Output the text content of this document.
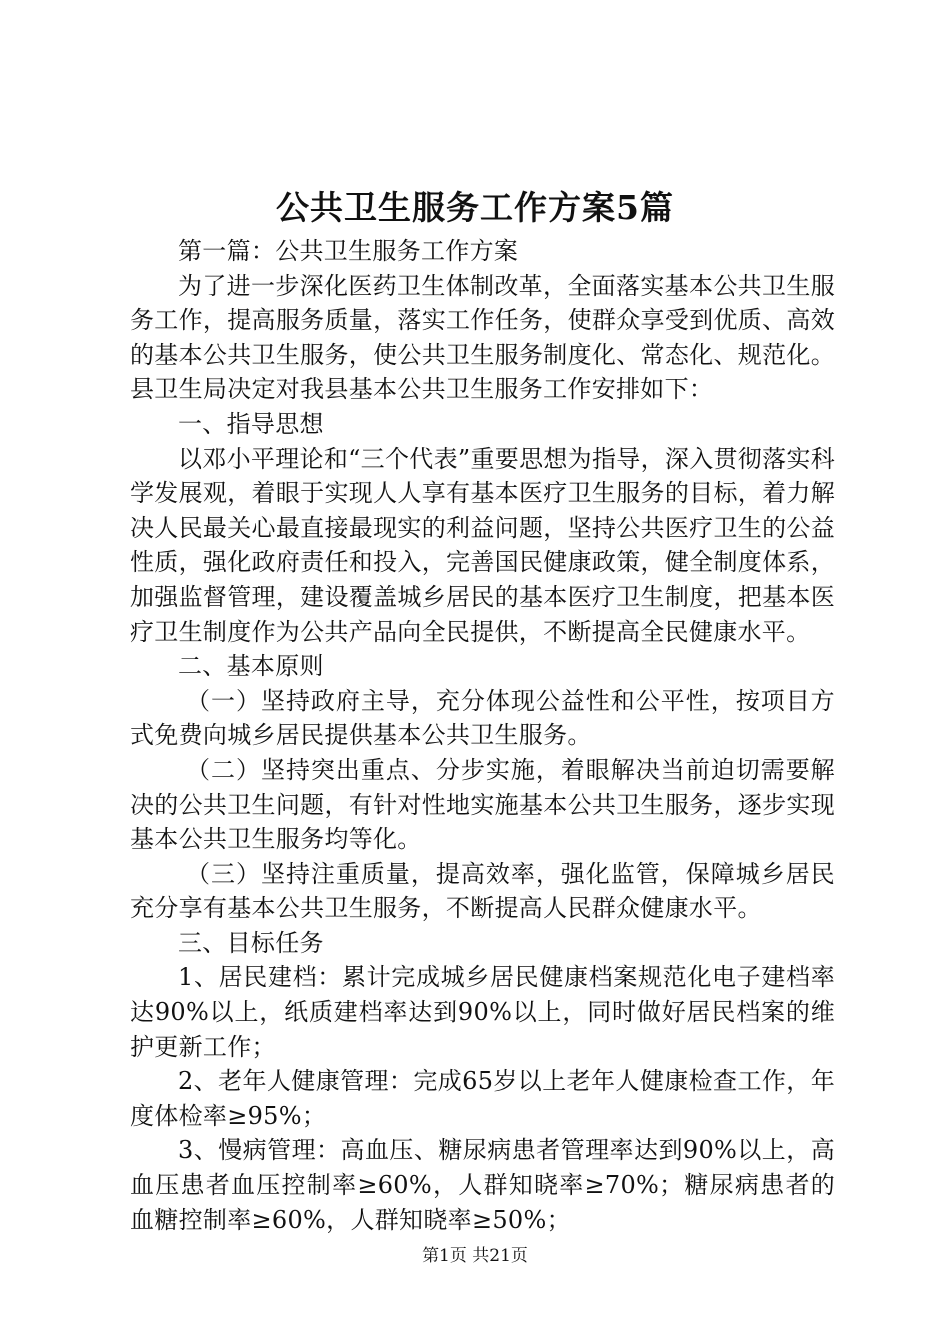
公共卫生服务工作方案5篇

第一篇：公共卫生服务工作方案

为了进一步深化医药卫生体制改革，全面落实基本公共卫生服务工作，提高服务质量，落实工作任务，使群众享受到优质、高效的基本公共卫生服务，使公共卫生服务制度化、常态化、规范化。县卫生局决定对我县基本公共卫生服务工作安排如下：

一、指导思想

以邓小平理论和“三个代表”重要思想为指导，深入贯彻落实科学发展观，着眼于实现人人享有基本医疗卫生服务的目标，着力解决人民最关心最直接最现实的利益问题，坚持公共医疗卫生的公益性质，强化政府责任和投入，完善国民健康政策，健全制度体系，加强监督管理，建设覆盖城乡居民的基本医疗卫生制度，把基本医疗卫生制度作为公共产品向全民提供，不断提高全民健康水平。

二、基本原则

（一）坚持政府主导，充分体现公益性和公平性，按项目方式免费向城乡居民提供基本公共卫生服务。

（二）坚持突出重点、分步实施，着眼解决当前迫切需要解决的公共卫生问题，有针对性地实施基本公共卫生服务，逐步实现基本公共卫生服务均等化。

（三）坚持注重质量，提高效率，强化监管，保障城乡居民充分享有基本公共卫生服务，不断提高人民群众健康水平。

三、目标任务

1、居民建档：累计完成城乡居民健康档案规范化电子建档率达90%以上，纸质建档率达到90%以上，同时做好居民档案的维护更新工作；

2、老年人健康管理：完成65岁以上老年人健康检查工作，年度体检率≥95%；

3、慢病管理：高血压、糖尿病患者管理率达到90%以上，高血压患者血压控制率≥60%，人群知晓率≥70%；糖尿病患者的血糖控制率≥60%，人群知晓率≥50%；

第1页 共21页
